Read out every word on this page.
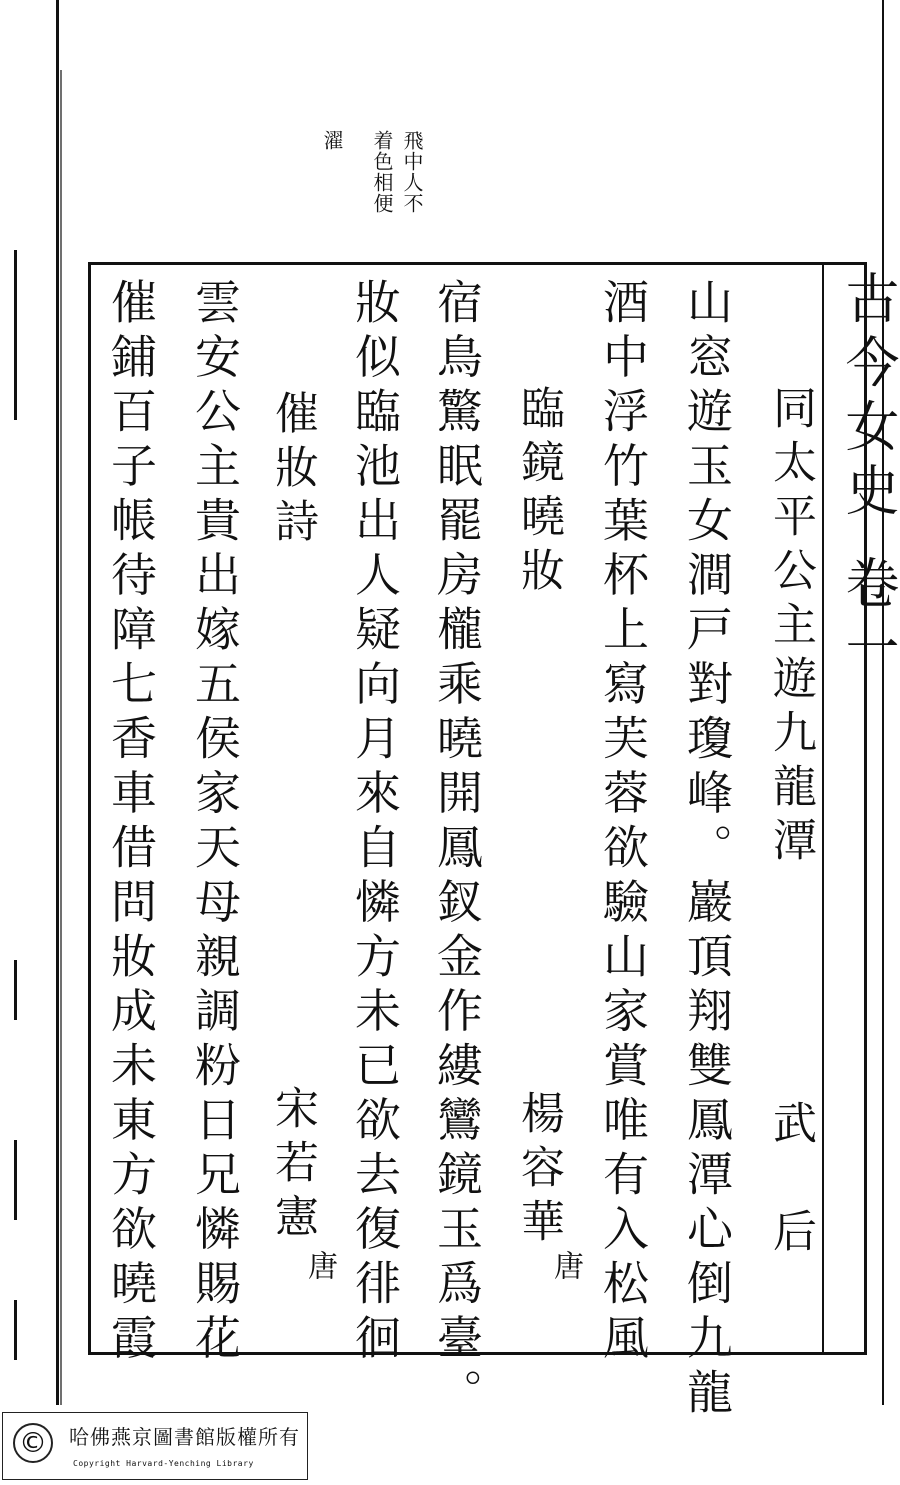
飛中人不
着色相便
濯
古今女史
卷一
同太平公主遊九龍潭
武　后
山窓遊玉女澗戸對瓊峰。巖頂翔雙鳳潭心倒九龍
酒中浮竹葉杯上寫芙蓉欲驗山家賞唯有入松風
臨鏡曉妝
楊容華
唐
宿鳥驚眠罷房櫳乘曉開鳳釵金作縷鸞鏡玉爲臺。
妝似臨池出人疑向月來自憐方未已欲去復徘徊
催妝詩
宋若憲
唐
雲安公主貴出嫁五侯家天母親調粉日兄憐賜花
催鋪百子帳待障七香車借問妝成未東方欲曉霞
©	哈佛燕京圖書館版權所有
Copyright Harvard-Yenching Library
